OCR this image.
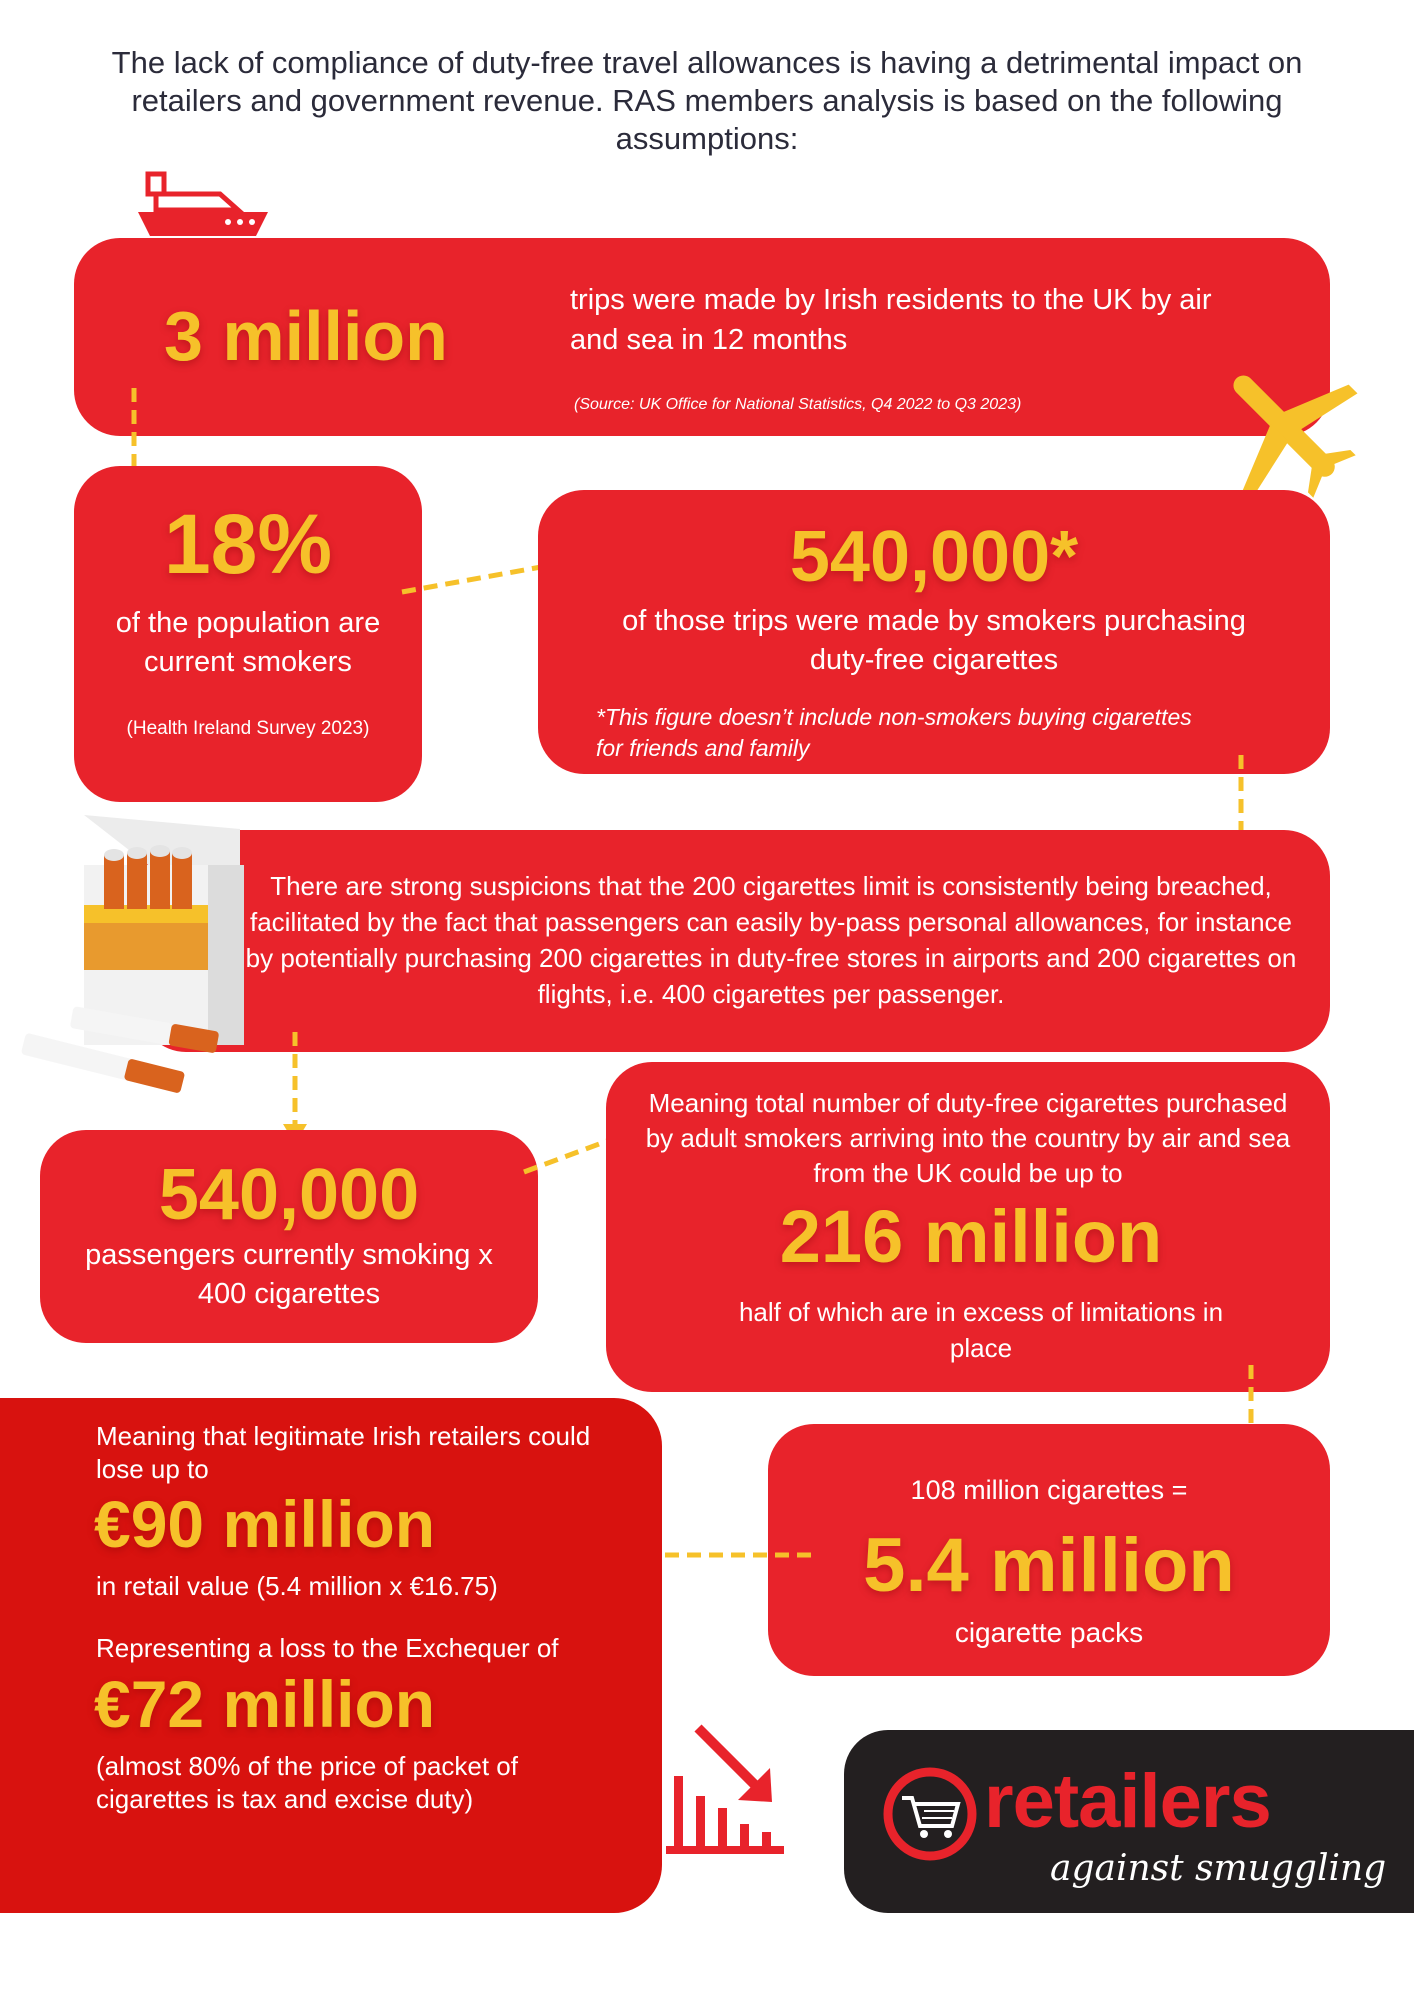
The lack of compliance of duty-free travel allowances is having a detrimental impact on retailers and government revenue. RAS members analysis is based on the following assumptions:
3 million	trips were made by Irish residents to the UK by air and sea in 12 months
(Source: UK Office for National Statistics, Q4 2022 to Q3 2023)
18%
of the population are current smokers
(Health Ireland Survey 2023)
540,000*
of those trips were made by smokers purchasing duty-free cigarettes
*This figure doesn’t include non-smokers buying cigarettes for friends and family
There are strong suspicions that the 200 cigarettes limit is consistently being breached, facilitated by the fact that passengers can easily by-pass personal allowances, for instance by potentially purchasing 200 cigarettes in duty-free stores in airports and 200 cigarettes on flights, i.e. 400 cigarettes per passenger.
540,000
passengers currently smoking x 400 cigarettes
Meaning total number of duty-free cigarettes purchased by adult smokers arriving into the country by air and sea from the UK could be up to
216 million
half of which are in excess of limitations in place
108 million cigarettes =
5.4 million
cigarette packs
Meaning that legitimate Irish retailers could lose up to
€90 million
in retail value (5.4 million x €16.75)
Representing a loss to the Exchequer of
€72 million
(almost 80% of the price of packet of cigarettes is tax and excise duty)	retailers
against smuggling
